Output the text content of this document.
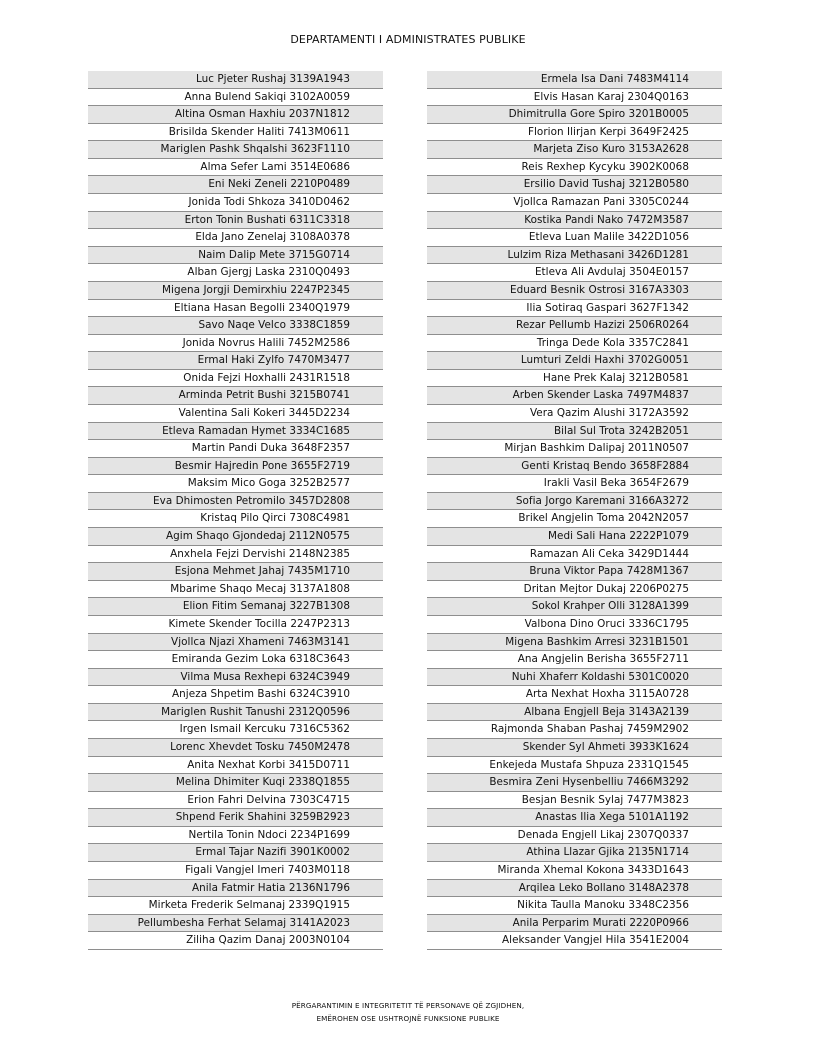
DEPARTAMENTI I ADMINISTRATES PUBLIKE
Luc Pjeter Rushaj 3139A1943
Anna Bulend Sakiqi 3102A0059
Altina Osman Haxhiu 2037N1812
Brisilda Skender Haliti 7413M0611
Mariglen Pashk Shqalshi 3623F1110
Alma Sefer Lami 3514E0686
Eni Neki Zeneli 2210P0489
Jonida Todi Shkoza 3410D0462
Erton Tonin Bushati 6311C3318
Elda Jano Zenelaj 3108A0378
Naim Dalip Mete 3715G0714
Alban Gjergj Laska 2310Q0493
Migena Jorgji Demirxhiu 2247P2345
Eltiana Hasan Begolli 2340Q1979
Savo Naqe Velco 3338C1859
Jonida Novrus Halili 7452M2586
Ermal Haki Zylfo 7470M3477
Onida Fejzi Hoxhalli 2431R1518
Arminda Petrit Bushi 3215B0741
Valentina Sali Kokeri 3445D2234
Etleva Ramadan Hymet 3334C1685
Martin Pandi Duka 3648F2357
Besmir Hajredin Pone 3655F2719
Maksim Mico Goga 3252B2577
Eva Dhimosten Petromilo 3457D2808
Kristaq Pilo Qirci 7308C4981
Agim Shaqo Gjondedaj 2112N0575
Anxhela Fejzi Dervishi 2148N2385
Esjona Mehmet Jahaj 7435M1710
Mbarime Shaqo Mecaj 3137A1808
Elion Fitim Semanaj 3227B1308
Kimete Skender Tocilla 2247P2313
Vjollca Njazi Xhameni 7463M3141
Emiranda Gezim Loka 6318C3643
Vilma Musa Rexhepi 6324C3949
Anjeza Shpetim Bashi 6324C3910
Mariglen Rushit Tanushi 2312Q0596
Irgen Ismail Kercuku 7316C5362
Lorenc Xhevdet Tosku 7450M2478
Anita Nexhat Korbi 3415D0711
Melina Dhimiter Kuqi 2338Q1855
Erion Fahri Delvina 7303C4715
Shpend Ferik Shahini 3259B2923
Nertila Tonin Ndoci 2234P1699
Ermal Tajar Nazifi 3901K0002
Figali Vangjel Imeri 7403M0118
Anila Fatmir Hatia 2136N1796
Mirketa Frederik Selmanaj 2339Q1915
Pellumbesha Ferhat Selamaj 3141A2023
Ziliha Qazim Danaj 2003N0104
Ermela Isa Dani 7483M4114
Elvis Hasan Karaj 2304Q0163
Dhimitrulla Gore Spiro 3201B0005
Florion Ilirjan Kerpi 3649F2425
Marjeta Ziso Kuro 3153A2628
Reis Rexhep Kycyku 3902K0068
Ersilio David Tushaj 3212B0580
Vjollca Ramazan Pani 3305C0244
Kostika Pandi Nako 7472M3587
Etleva Luan Malile 3422D1056
Lulzim Riza Methasani 3426D1281
Etleva Ali Avdulaj 3504E0157
Eduard Besnik Ostrosi 3167A3303
Ilia Sotiraq Gaspari 3627F1342
Rezar Pellumb Hazizi 2506R0264
Tringa Dede Kola 3357C2841
Lumturi Zeldi Haxhi 3702G0051
Hane Prek Kalaj 3212B0581
Arben Skender Laska 7497M4837
Vera Qazim Alushi 3172A3592
Bilal Sul Trota 3242B2051
Mirjan Bashkim Dalipaj 2011N0507
Genti Kristaq Bendo 3658F2884
Irakli Vasil Beka 3654F2679
Sofia Jorgo Karemani 3166A3272
Brikel Angjelin Toma 2042N2057
Medi Sali Hana 2222P1079
Ramazan Ali Ceka 3429D1444
Bruna Viktor Papa 7428M1367
Dritan Mejtor Dukaj 2206P0275
Sokol Krahper Olli 3128A1399
Valbona Dino Oruci 3336C1795
Migena Bashkim Arresi 3231B1501
Ana Angjelin Berisha 3655F2711
Nuhi Xhaferr Koldashi 5301C0020
Arta Nexhat Hoxha 3115A0728
Albana Engjell Beja 3143A2139
Rajmonda Shaban Pashaj 7459M2902
Skender Syl Ahmeti 3933K1624
Enkejeda Mustafa Shpuza 2331Q1545
Besmira Zeni Hysenbelliu 7466M3292
Besjan Besnik Sylaj 7477M3823
Anastas Ilia Xega 5101A1192
Denada Engjell Likaj 2307Q0337
Athina Llazar Gjika 2135N1714
Miranda Xhemal Kokona 3433D1643
Arqilea Leko Bollano 3148A2378
Nikita Taulla Manoku 3348C2356
Anila Perparim Murati 2220P0966
Aleksander Vangjel Hila 3541E2004
PËRGARANTIMIN E INTEGRITETIT TË PERSONAVE QË ZGJIDHEN,
EMËROHEN OSE USHTROJNË FUNKSIONE PUBLIKE
